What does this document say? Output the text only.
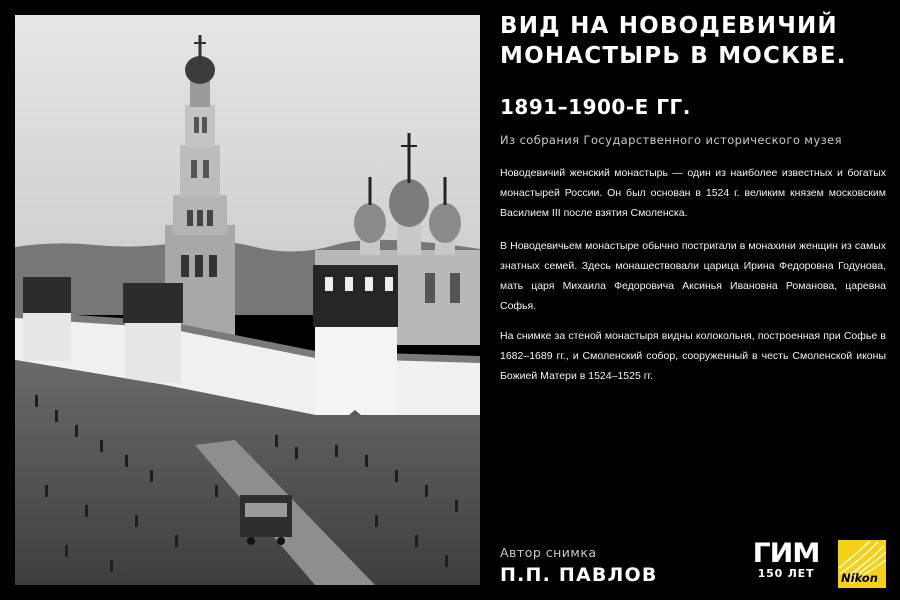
ВИД НА НОВОДЕВИЧИЙ МОНАСТЫРЬ В МОСКВЕ.
1891–1900-Е ГГ.
Из собрания Государственного исторического музея

Новодевичий женский монастырь — один из наиболее известных и богатых монастырей России. Он был основан в 1524 г. великим князем московским Василием III после взятия Смоленска.

В Новодевичьем монастыре обычно постригали в монахини женщин из самых знатных семей. Здесь монашествовали царица Ирина Федоровна Годунова, мать царя Михаила Федоровича Аксинья Ивановна Романова, царевна Софья.

На снимке за стеной монастыря видны колокольня, построенная при Софье в 1682–1689 гг., и Смоленский собор, сооруженный в честь Смоленской иконы Божией Матери в 1524–1525 гг.

Автор снимка
П.П. ПАВЛОВ
ГИМ
150 ЛЕТ	Nikon
